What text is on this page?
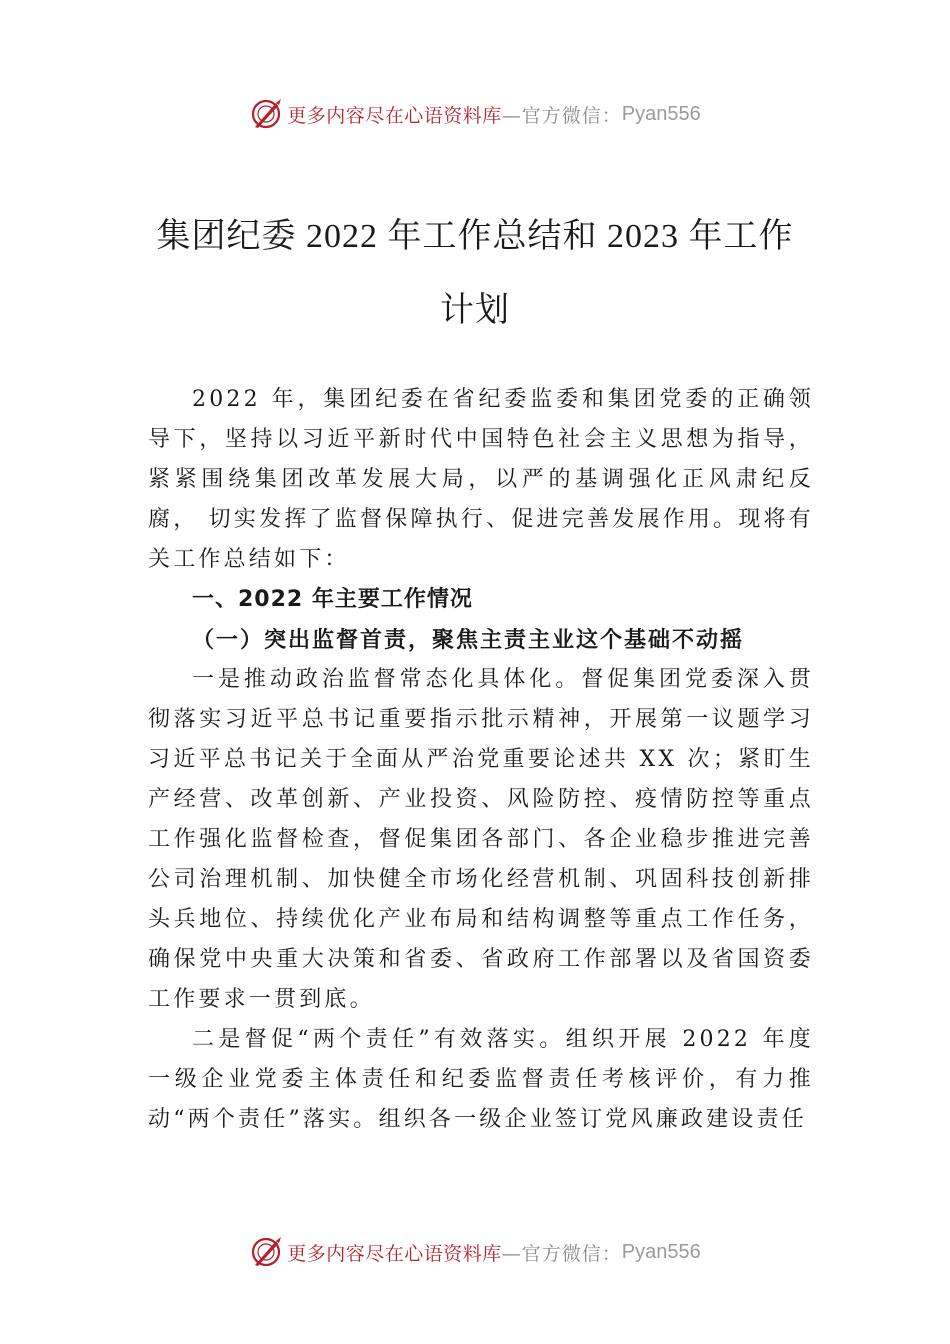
更多内容尽在心语资料库 —官方微信： Pyan556
集团纪委 2022 年工作总结和 2023 年工作计划

2022 年，集团纪委在省纪委监委和集团党委的正确领导下，坚持以习近平新时代中国特色社会主义思想为指导，紧紧围绕集团改革发展大局，以严的基调强化正风肃纪反腐， 切实发挥了监督保障执行、促进完善发展作用。现将有关工作总结如下：

一、2022 年主要工作情况

（一）突出监督首责，聚焦主责主业这个基础不动摇

一是推动政治监督常态化具体化。督促集团党委深入贯彻落实习近平总书记重要指示批示精神，开展第一议题学习习近平总书记关于全面从严治党重要论述共 XX 次；紧盯生产经营、改革创新、产业投资、风险防控、疫情防控等重点工作强化监督检查，督促集团各部门、各企业稳步推进完善公司治理机制、加快健全市场化经营机制、巩固科技创新排头兵地位、持续优化产业布局和结构调整等重点工作任务， 确保党中央重大决策和省委、省政府工作部署以及省国资委工作要求一贯到底。

二是督促“两个责任”有效落实。组织开展 2022 年度一级企业党委主体责任和纪委监督责任考核评价，有力推动“两个责任”落实。组织各一级企业签订党风廉政建设责任

更多内容尽在心语资料库 —官方微信： Pyan556
